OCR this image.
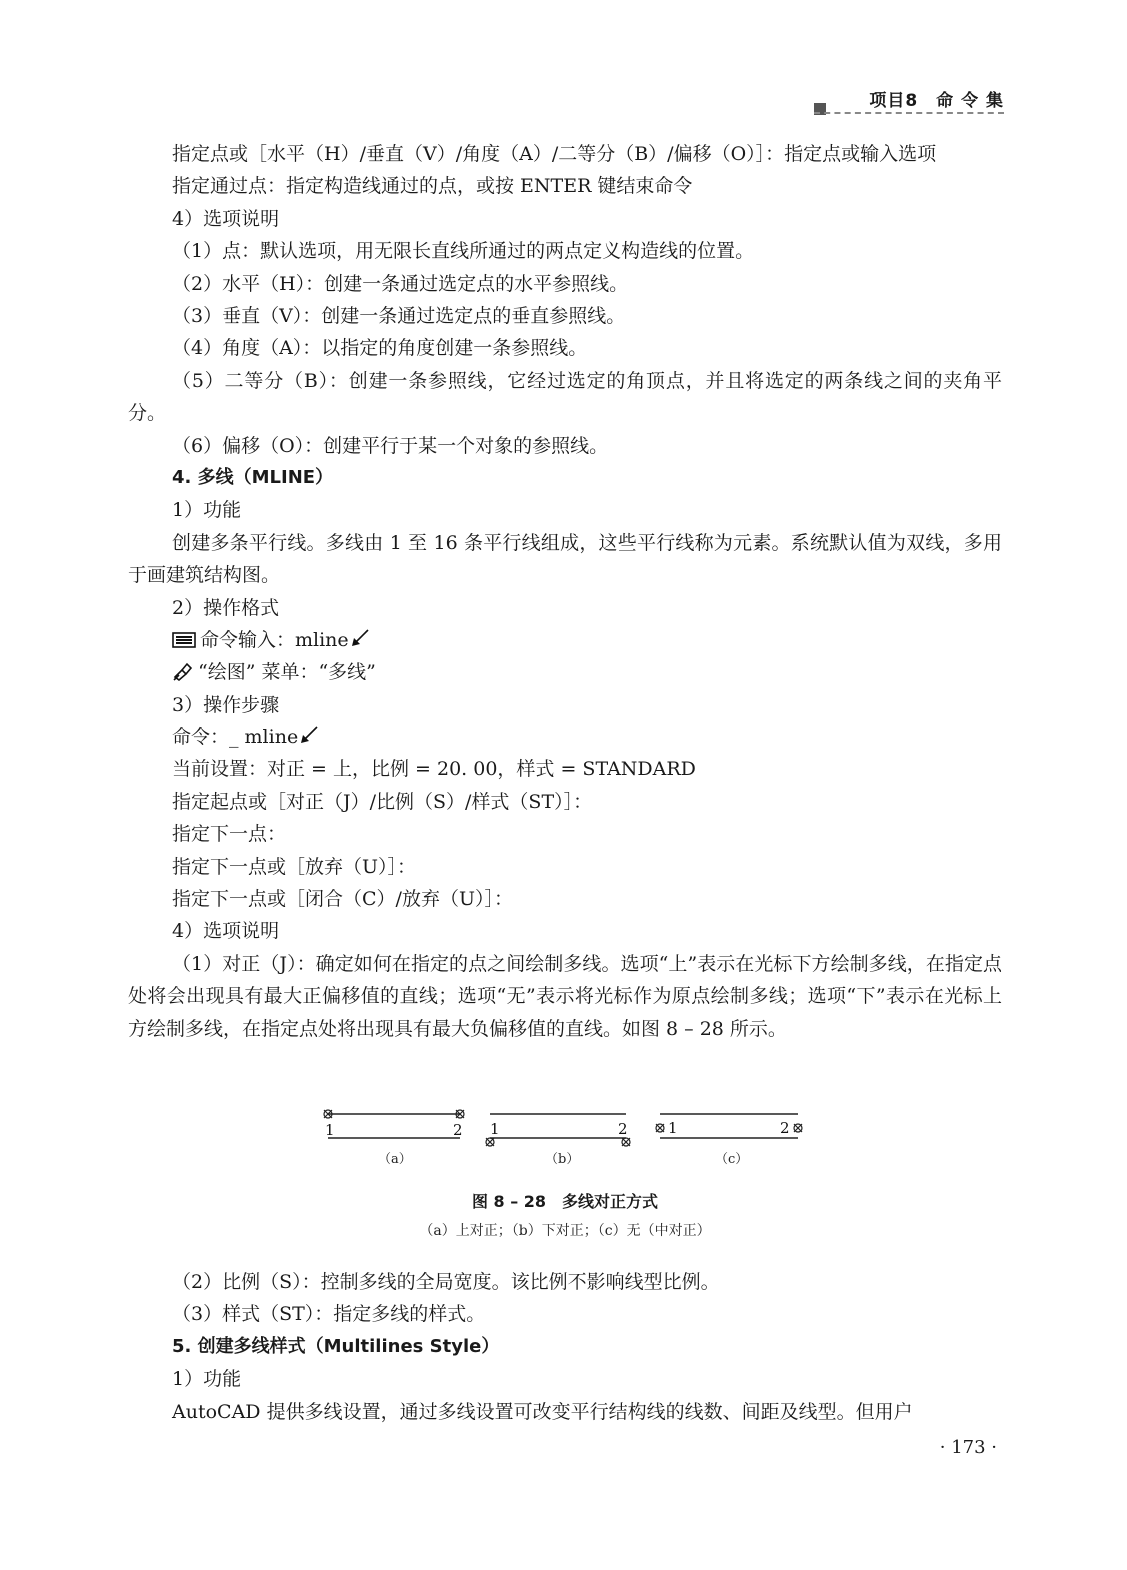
项目8　命 令 集
指定点或［水平（H）/垂直（V）/角度（A）/二等分（B）/偏移（O）］：指定点或输入选项
指定通过点：指定构造线通过的点，或按 ENTER 键结束命令
4）选项说明
（1）点：默认选项，用无限长直线所通过的两点定义构造线的位置。
（2）水平（H）：创建一条通过选定点的水平参照线。
（3）垂直（V）：创建一条通过选定点的垂直参照线。
（4）角度（A）：以指定的角度创建一条参照线。
（5）二等分（B）：创建一条参照线，它经过选定的角顶点，并且将选定的两条线之间的夹角平分。
（6）偏移（O）：创建平行于某一个对象的参照线。
4. 多线（MLINE）
1）功能
创建多条平行线。多线由 1 至 16 条平行线组成，这些平行线称为元素。系统默认值为双线，多用于画建筑结构图。
2）操作格式
命令输入：mline
“绘图” 菜单：“多线”
3）操作步骤
命令：_ mline
当前设置：对正 = 上，比例 = 20. 00，样式 = STANDARD
指定起点或［对正（J）/比例（S）/样式（ST）］：
指定下一点：
指定下一点或［放弃（U）］：
指定下一点或［闭合（C）/放弃（U）］：
4）选项说明
（1）对正（J）：确定如何在指定的点之间绘制多线。选项“上”表示在光标下方绘制多线，在指定点处将会出现具有最大正偏移值的直线；选项“无”表示将光标作为原点绘制多线；选项“下”表示在光标上方绘制多线，在指定点处将出现具有最大负偏移值的直线。如图 8 – 28 所示。
1	2
（a）
1	2
（b）
1	2
（c）
图 8 – 28　多线对正方式
（a）上对正；（b）下对正；（c）无（中对正）
（2）比例（S）：控制多线的全局宽度。该比例不影响线型比例。
（3）样式（ST）：指定多线的样式。
5. 创建多线样式（Multilines Style）
1）功能
AutoCAD 提供多线设置，通过多线设置可改变平行结构线的线数、间距及线型。但用户
· 173 ·
